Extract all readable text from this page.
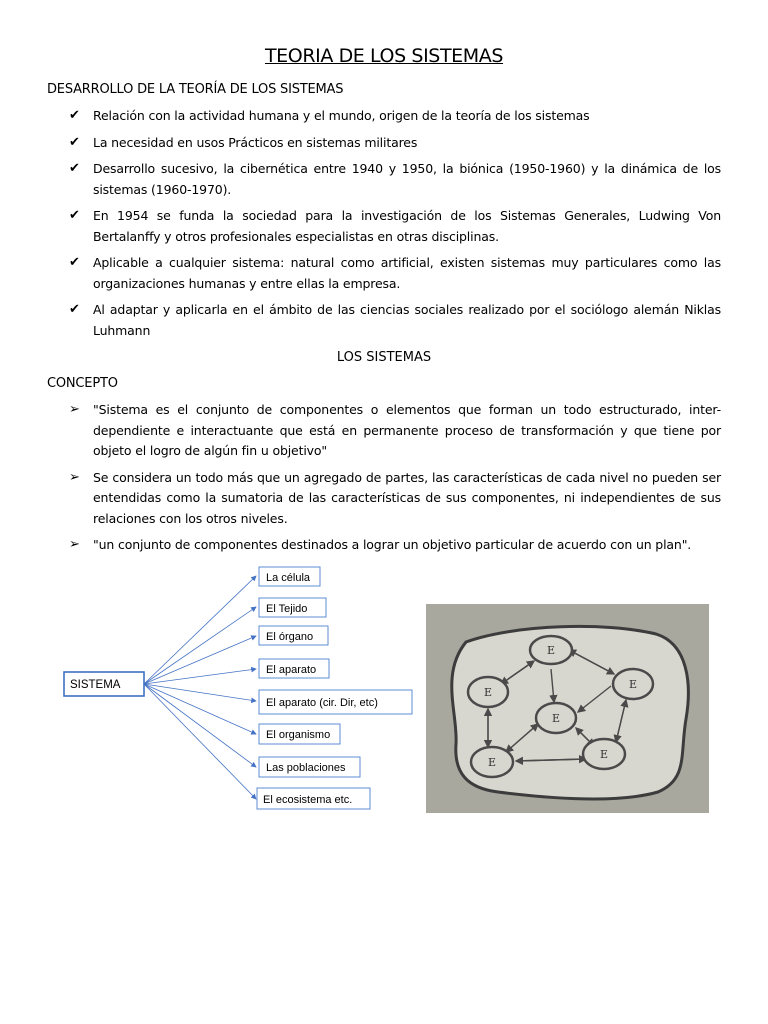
TEORIA DE LOS SISTEMAS
DESARROLLO DE LA TEORÍA DE LOS SISTEMAS
✔ Relación con la actividad humana y el mundo, origen de la teoría de los sistemas
✔ La necesidad en usos Prácticos en sistemas militares
✔ Desarrollo sucesivo, la cibernética entre 1940 y 1950, la biónica (1950-1960) y la dinámica de los sistemas (1960-1970).
✔ En 1954 se funda la sociedad para la investigación de los Sistemas Generales, Ludwing Von Bertalanffy y otros profesionales especialistas en otras disciplinas.
✔ Aplicable a cualquier sistema: natural como artificial, existen sistemas muy particulares como las organizaciones humanas y entre ellas la empresa.
✔ Al adaptar y aplicarla en el ámbito de las ciencias sociales realizado por el sociólogo alemán Niklas Luhmann
LOS SISTEMAS
CONCEPTO
➢ "Sistema es el conjunto de componentes o elementos que forman un todo estructurado, inter-dependiente e interactuante que está en permanente proceso de transformación y que tiene por objeto el logro de algún fin u objetivo"
➢ Se considera un todo más que un agregado de partes, las características de cada nivel no pueden ser entendidas como la sumatoria de las características de sus componentes, ni independientes de sus relaciones con los otros niveles.
➢ "un conjunto de componentes destinados a lograr un objetivo particular de acuerdo con un plan".
SISTEMA
La célula
El Tejido
El órgano
El aparato
El aparato (cir. Dir, etc)
El organismo
Las poblaciones
El ecosistema etc.
E
E
E
E
E
E
